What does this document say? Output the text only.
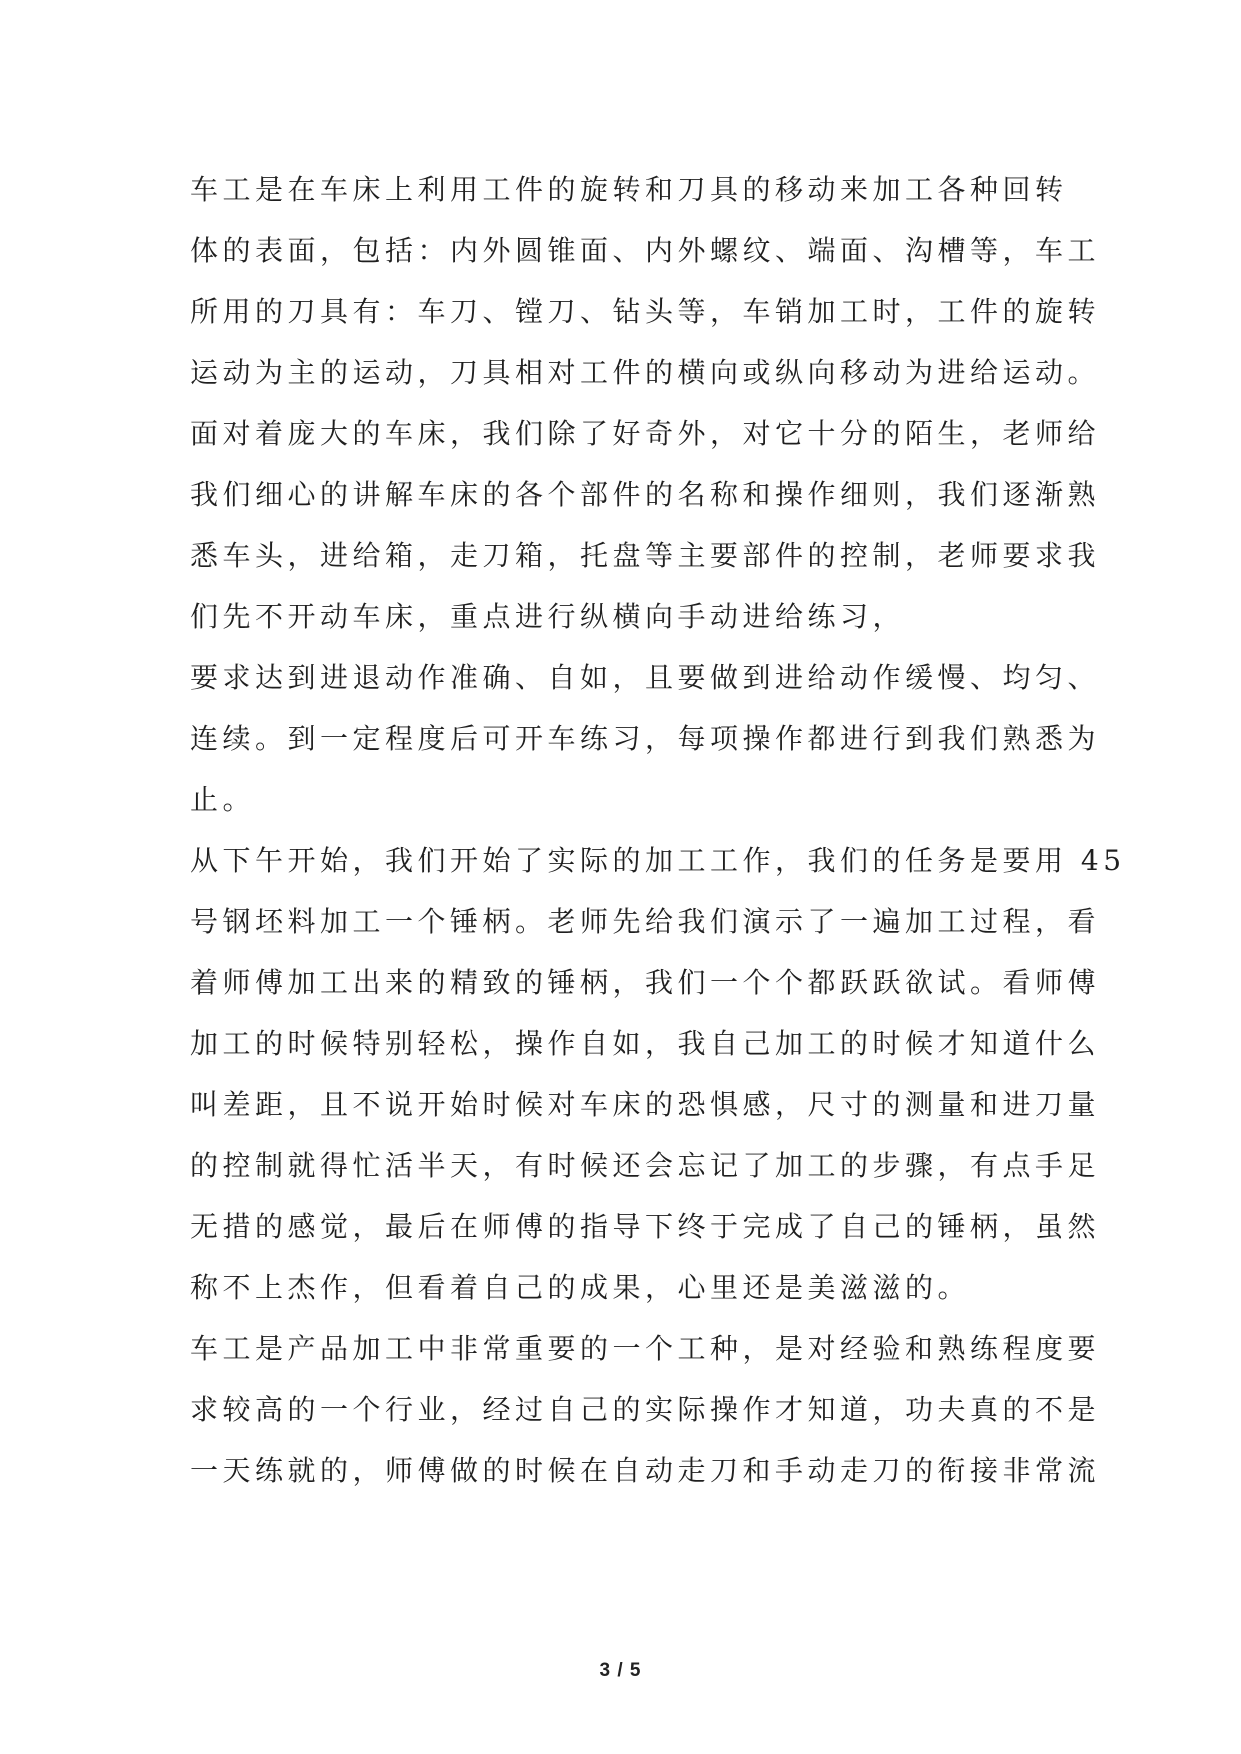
车工是在车床上利用工件的旋转和刀具的移动来加工各种回转
体的表面，包括：内外圆锥面、内外螺纹、端面、沟槽等，车工
所用的刀具有：车刀、镗刀、钻头等，车销加工时，工件的旋转
运动为主的运动，刀具相对工件的横向或纵向移动为进给运动。
面对着庞大的车床，我们除了好奇外，对它十分的陌生，老师给
我们细心的讲解车床的各个部件的名称和操作细则，我们逐渐熟
悉车头，进给箱，走刀箱，托盘等主要部件的控制，老师要求我
们先不开动车床，重点进行纵横向手动进给练习，
要求达到进退动作准确、自如，且要做到进给动作缓慢、均匀、
连续。到一定程度后可开车练习，每项操作都进行到我们熟悉为
止。
从下午开始，我们开始了实际的加工工作，我们的任务是要用 45
号钢坯料加工一个锤柄。老师先给我们演示了一遍加工过程，看
着师傅加工出来的精致的锤柄，我们一个个都跃跃欲试。看师傅
加工的时候特别轻松，操作自如，我自己加工的时候才知道什么
叫差距，且不说开始时候对车床的恐惧感，尺寸的测量和进刀量
的控制就得忙活半天，有时候还会忘记了加工的步骤，有点手足
无措的感觉，最后在师傅的指导下终于完成了自己的锤柄，虽然
称不上杰作，但看着自己的成果，心里还是美滋滋的。
车工是产品加工中非常重要的一个工种，是对经验和熟练程度要
求较高的一个行业，经过自己的实际操作才知道，功夫真的不是
一天练就的，师傅做的时候在自动走刀和手动走刀的衔接非常流
3 / 5
